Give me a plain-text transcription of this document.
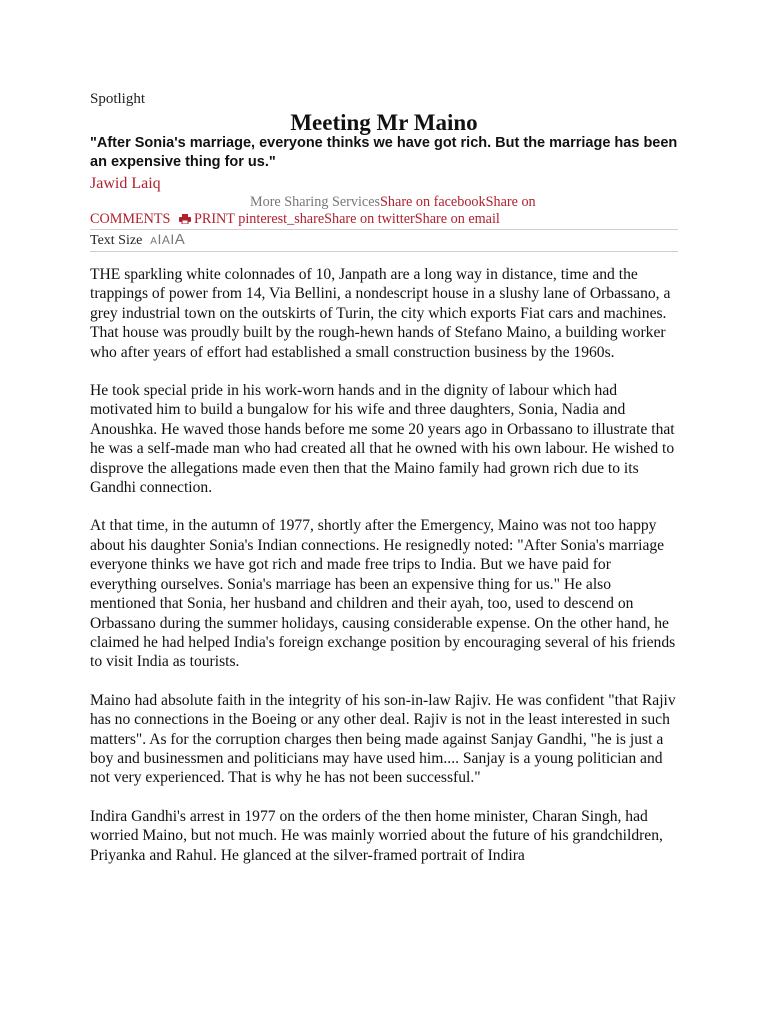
Spotlight
Meeting Mr Maino
"After Sonia's marriage, everyone thinks we have got rich. But the marriage has been an expensive thing for us."
Jawid Laiq
More Sharing ServicesShare on facebookShare on
COMMENTS PRINT pinterest_shareShare on twitterShare on email
Text Size AIAIA

THE sparkling white colonnades of 10, Janpath are a long way in distance, time and the trappings of power from 14, Via Bellini, a nondescript house in a slushy lane of Orbassano, a grey industrial town on the outskirts of Turin, the city which exports Fiat cars and machines. That house was proudly built by the rough-hewn hands of Stefano Maino, a building worker who after years of effort had established a small construction business by the 1960s.

He took special pride in his work-worn hands and in the dignity of labour which had motivated him to build a bungalow for his wife and three daughters, Sonia, Nadia and Anoushka. He waved those hands before me some 20 years ago in Orbassano to illustrate that he was a self-made man who had created all that he owned with his own labour. He wished to disprove the allegations made even then that the Maino family had grown rich due to its Gandhi connection.

At that time, in the autumn of 1977, shortly after the Emergency, Maino was not too happy about his daughter Sonia's Indian connections. He resignedly noted: "After Sonia's marriage everyone thinks we have got rich and made free trips to India. But we have paid for everything ourselves. Sonia's marriage has been an expensive thing for us." He also mentioned that Sonia, her husband and children and their ayah, too, used to descend on Orbassano during the summer holidays, causing considerable expense. On the other hand, he claimed he had helped India's foreign exchange position by encouraging several of his friends to visit India as tourists.

Maino had absolute faith in the integrity of his son-in-law Rajiv. He was confident "that Rajiv has no connections in the Boeing or any other deal. Rajiv is not in the least interested in such matters". As for the corruption charges then being made against Sanjay Gandhi, "he is just a boy and businessmen and politicians may have used him.... Sanjay is a young politician and not very experienced. That is why he has not been successful."

Indira Gandhi's arrest in 1977 on the orders of the then home minister, Charan Singh, had worried Maino, but not much. He was mainly worried about the future of his grandchildren, Priyanka and Rahul. He glanced at the silver-framed portrait of Indira
